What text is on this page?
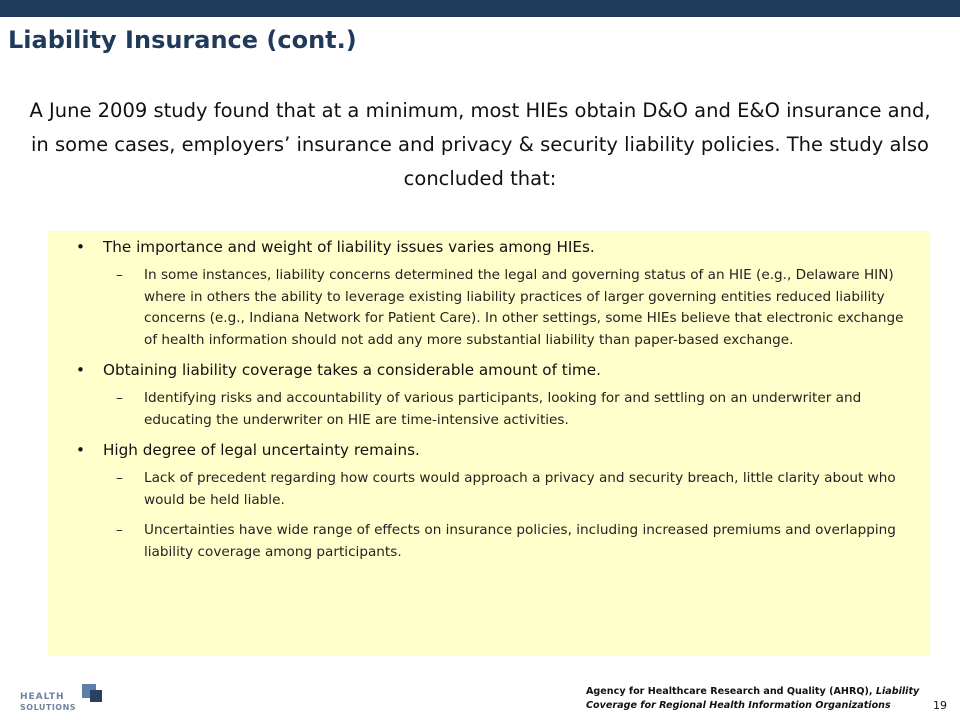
Liability Insurance (cont.)

A June 2009 study found that at a minimum, most HIEs obtain D&O and E&O insurance and, in some cases, employers’ insurance and privacy & security liability policies. The study also concluded that:

• The importance and weight of liability issues varies among HIEs.
– In some instances, liability concerns determined the legal and governing status of an HIE (e.g., Delaware HIN) where in others the ability to leverage existing liability practices of larger governing entities reduced liability concerns (e.g., Indiana Network for Patient Care). In other settings, some HIEs believe that electronic exchange of health information should not add any more substantial liability than paper-based exchange.
• Obtaining liability coverage takes a considerable amount of time.
– Identifying risks and accountability of various participants, looking for and settling on an underwriter and educating the underwriter on HIE are time-intensive activities.
• High degree of legal uncertainty remains.
– Lack of precedent regarding how courts would approach a privacy and security breach, little clarity about who would be held liable.
– Uncertainties have wide range of effects on insurance policies, including increased premiums and overlapping liability coverage among participants.
HEALTH
SOLUTIONS
Agency for Healthcare Research and Quality (AHRQ), Liability Coverage for Regional Health Information Organizations	19
